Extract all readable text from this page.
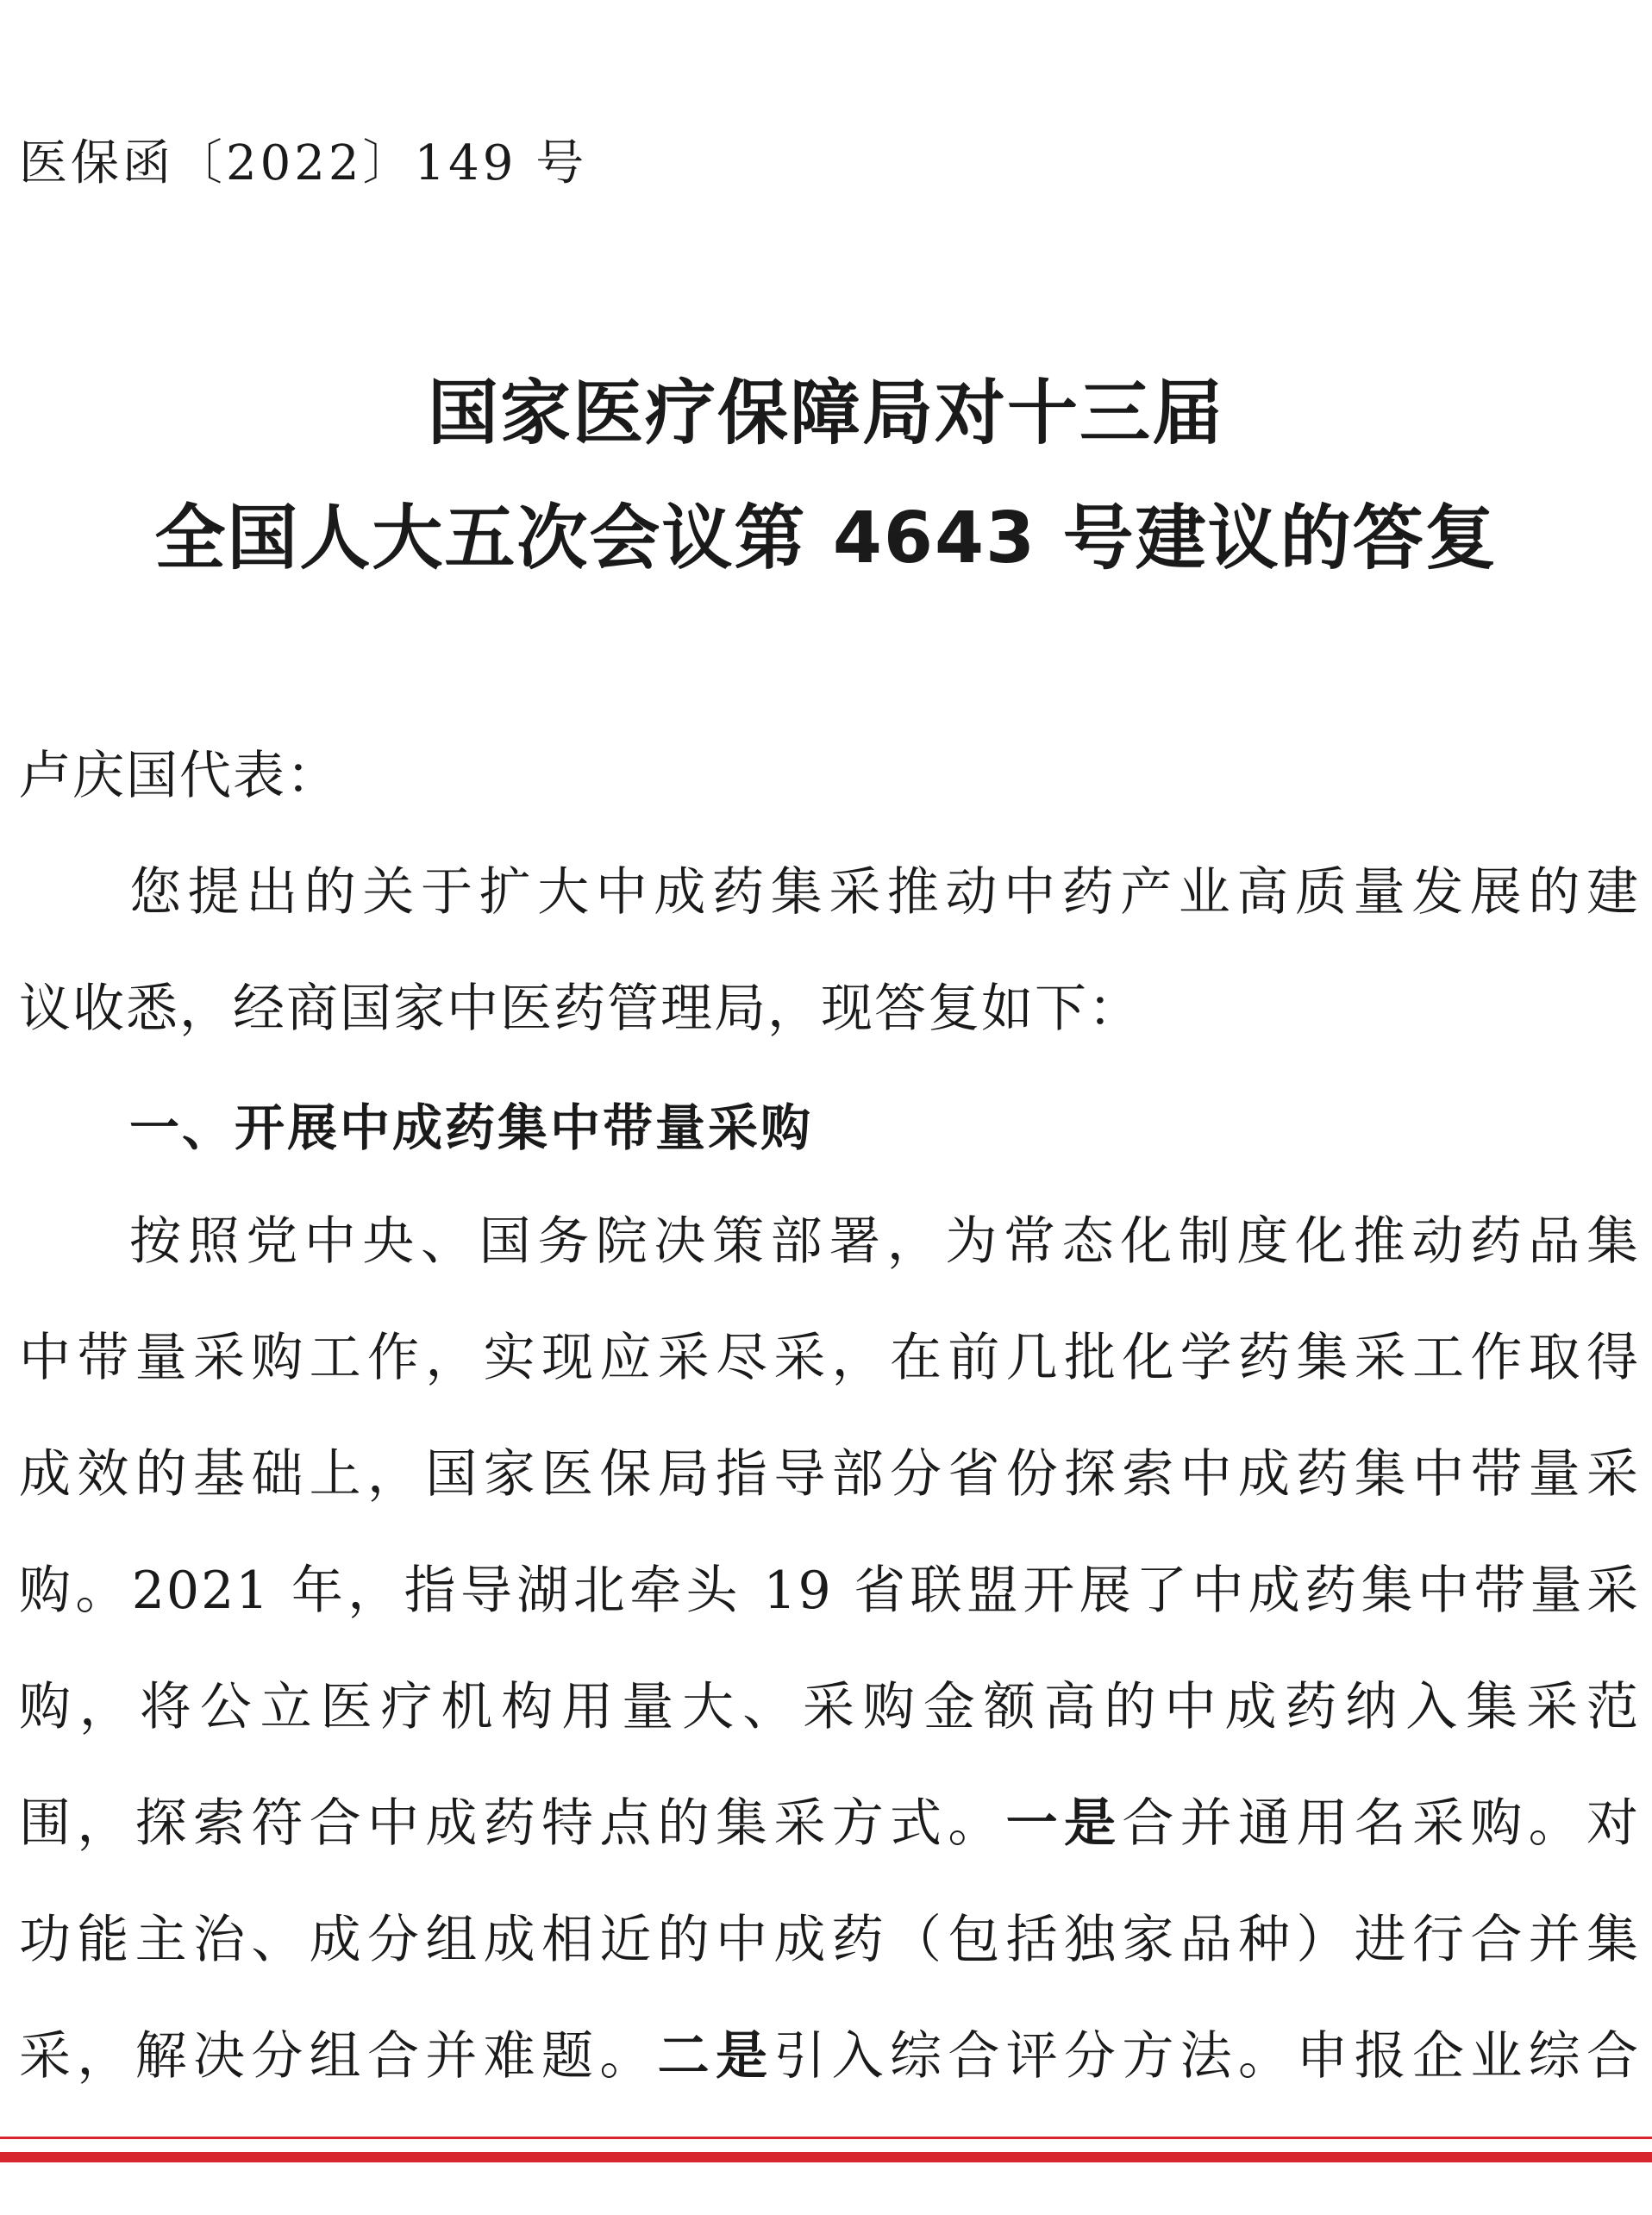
医保函〔2022〕149 号
国家医疗保障局对十三届
全国人大五次会议第 4643 号建议的答复
卢庆国代表：
您提出的关于扩大中成药集采推动中药产业高质量发展的建
议收悉，经商国家中医药管理局，现答复如下：
一、开展中成药集中带量采购
按照党中央、国务院决策部署，为常态化制度化推动药品集
中带量采购工作，实现应采尽采，在前几批化学药集采工作取得
成效的基础上，国家医保局指导部分省份探索中成药集中带量采
购。2021 年，指导湖北牵头 19 省联盟开展了中成药集中带量采
购，将公立医疗机构用量大、采购金额高的中成药纳入集采范
围，探索符合中成药特点的集采方式。一是合并通用名采购。对
功能主治、成分组成相近的中成药（包括独家品种）进行合并集
采，解决分组合并难题。二是引入综合评分方法。申报企业综合
